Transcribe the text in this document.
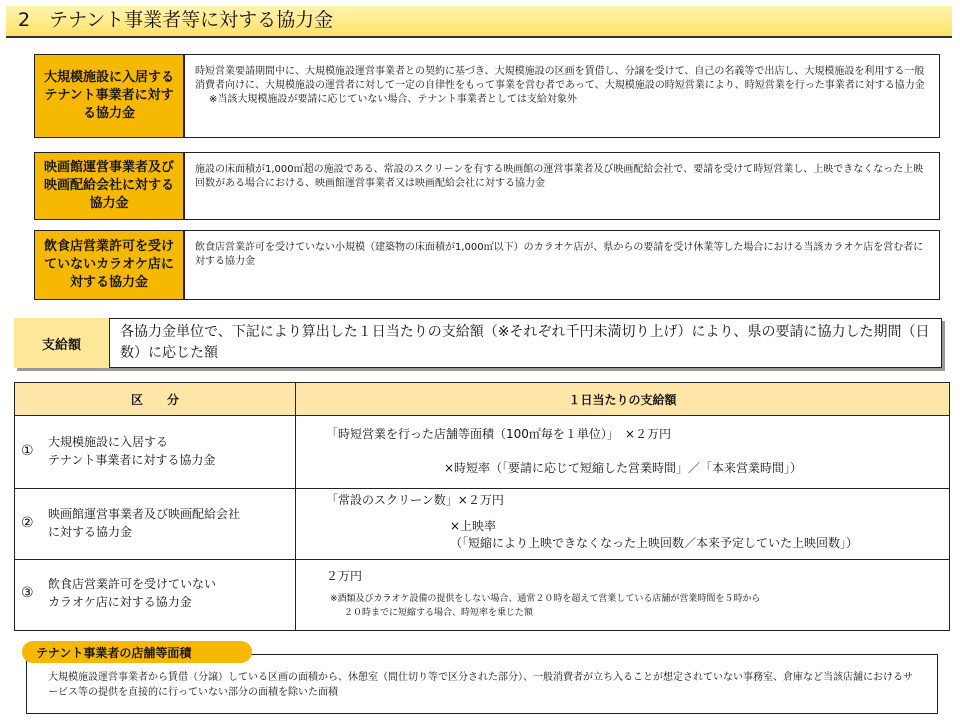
2　テナント事業者等に対する協力金
大規模施設に入居するテナント事業者に対する協力金
時短営業要請期間中に、大規模施設運営事業者との契約に基づき、大規模施設の区画を賃借し、分譲を受けて、自己の名義等で出店し、大規模施設を利用する一般消費者向けに、大規模施設の運営者に対して一定の自律性をもって事業を営む者であって、大規模施設の時短営業により、時短営業を行った事業者に対する協力金
※当該大規模施設が要請に応じていない場合、テナント事業者としては支給対象外
映画館運営事業者及び映画配給会社に対する協力金
施設の床面積が1,000㎡超の施設である、常設のスクリーンを有する映画館の運営事業者及び映画配給会社で、要請を受けて時短営業し、上映できなくなった上映回数がある場合における、映画館運営事業者又は映画配給会社に対する協力金
飲食店営業許可を受けていないカラオケ店に対する協力金
飲食店営業許可を受けていない小規模（建築物の床面積が1,000㎡以下）のカラオケ店が、県からの要請を受け休業等した場合における当該カラオケ店を営む者に対する協力金
支給額
各協力金単位で、下記により算出した１日当たりの支給額（※それぞれ千円未満切り上げ）により、県の要請に協力した期間（日数）に応じた額
区　　分	１日当たりの支給額
①
大規模施設に入居する
テナント事業者に対する協力金
「時短営業を行った店舗等面積（100㎡毎を１単位）」　×２万円
×時短率（「要請に応じて短縮した営業時間」／「本来営業時間」）
②
映画館運営事業者及び映画配給会社
に対する協力金
「常設のスクリーン数」×２万円
×上映率
（「短縮により上映できなくなった上映回数／本来予定していた上映回数」）
③
飲食店営業許可を受けていない
カラオケ店に対する協力金
２万円
※酒類及びカラオケ設備の提供をしない場合、通常２０時を超えて営業している店舗が営業時間を５時から
２０時までに短縮する場合、時短率を乗じた額
テナント事業者の店舗等面積
大規模施設運営事業者から賃借（分譲）している区画の面積から、休憩室（間仕切り等で区分された部分）、一般消費者が立ち入ることが想定されていない事務室、倉庫など当該店舗におけるサービス等の提供を直接的に行っていない部分の面積を除いた面積
